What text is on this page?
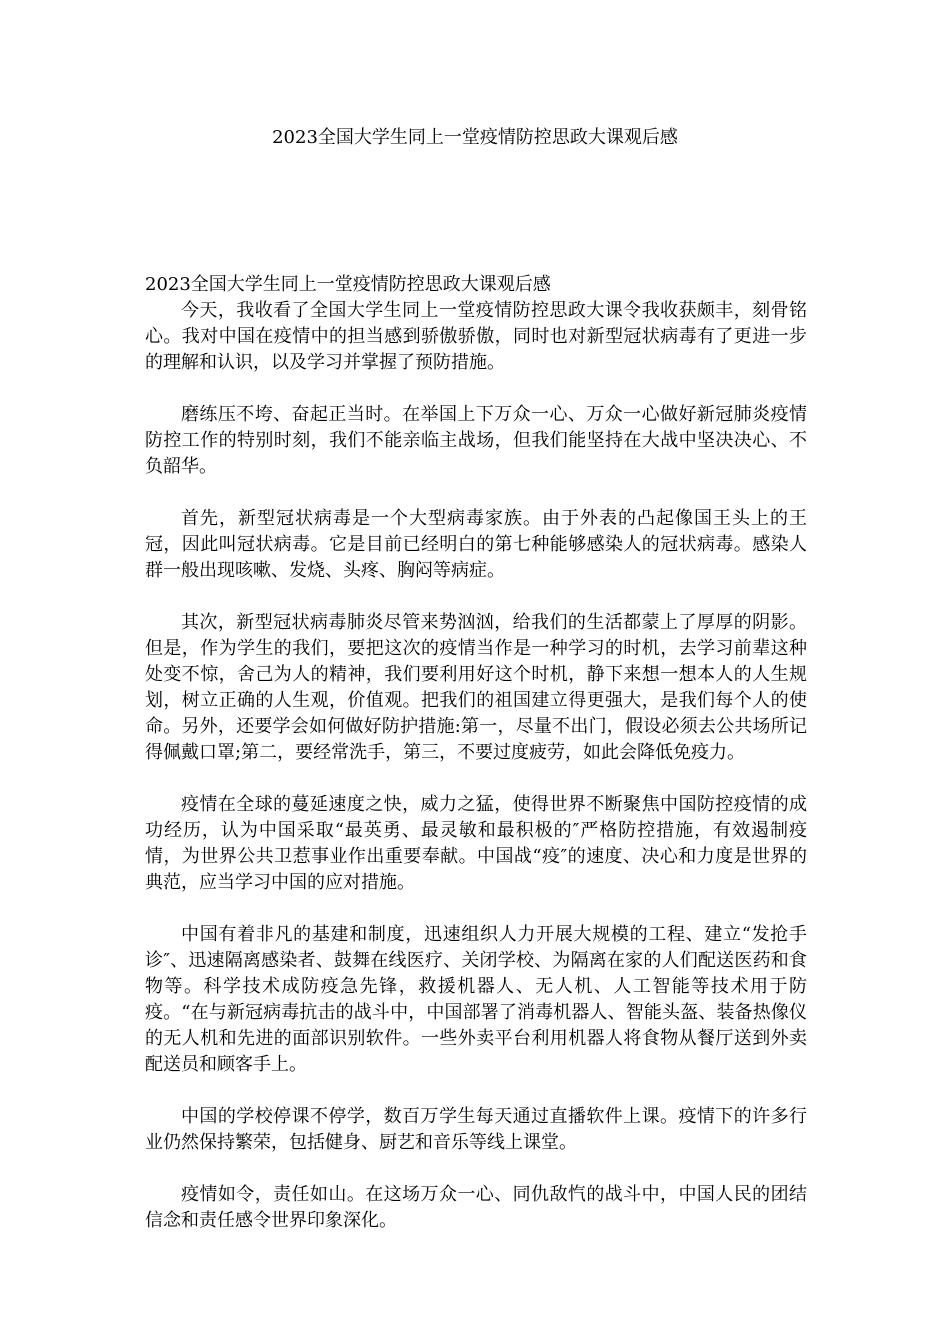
2023全国大学生同上一堂疫情防控思政大课观后感

2023全国大学生同上一堂疫情防控思政大课观后感

今天，我收看了全国大学生同上一堂疫情防控思政大课令我收获颇丰，刻骨铭心。我对中国在疫情中的担当感到骄傲骄傲，同时也对新型冠状病毒有了更进一步的理解和认识，以及学习并掌握了预防措施。

磨练压不垮、奋起正当时。在举国上下万众一心、万众一心做好新冠肺炎疫情防控工作的特别时刻，我们不能亲临主战场，但我们能坚持在大战中坚决决心、不负韶华。

首先，新型冠状病毒是一个大型病毒家族。由于外表的凸起像国王头上的王冠，因此叫冠状病毒。它是目前已经明白的第七种能够感染人的冠状病毒。感染人群一般出现咳嗽、发烧、头疼、胸闷等病症。

其次，新型冠状病毒肺炎尽管来势汹汹，给我们的生活都蒙上了厚厚的阴影。但是，作为学生的我们，要把这次的疫情当作是一种学习的时机，去学习前辈这种处变不惊，舍己为人的精神，我们要利用好这个时机，静下来想一想本人的人生规划，树立正确的人生观，价值观。把我们的祖国建立得更强大，是我们每个人的使命。另外，还要学会如何做好防护措施:第一，尽量不出门，假设必须去公共场所记得佩戴口罩;第二，要经常洗手，第三，不要过度疲劳，如此会降低免疫力。

疫情在全球的蔓延速度之快，威力之猛，使得世界不断聚焦中国防控疫情的成功经历，认为中国采取“最英勇、最灵敏和最积极的″严格防控措施，有效遏制疫情，为世界公共卫惹事业作出重要奉献。中国战“疫″的速度、决心和力度是世界的典范，应当学习中国的应对措施。

中国有着非凡的基建和制度，迅速组织人力开展大规模的工程、建立“发抢手诊″、迅速隔离感染者、鼓舞在线医疗、关闭学校、为隔离在家的人们配送医药和食物等。科学技术成防疫急先锋，救援机器人、无人机、人工智能等技术用于防疫。“在与新冠病毒抗击的战斗中，中国部署了消毒机器人、智能头盔、装备热像仪的无人机和先进的面部识别软件。一些外卖平台利用机器人将食物从餐厅送到外卖配送员和顾客手上。

中国的学校停课不停学，数百万学生每天通过直播软件上课。疫情下的许多行业仍然保持繁荣，包括健身、厨艺和音乐等线上课堂。

疫情如令，责任如山。在这场万众一心、同仇敌忾的战斗中，中国人民的团结信念和责任感令世界印象深化。
